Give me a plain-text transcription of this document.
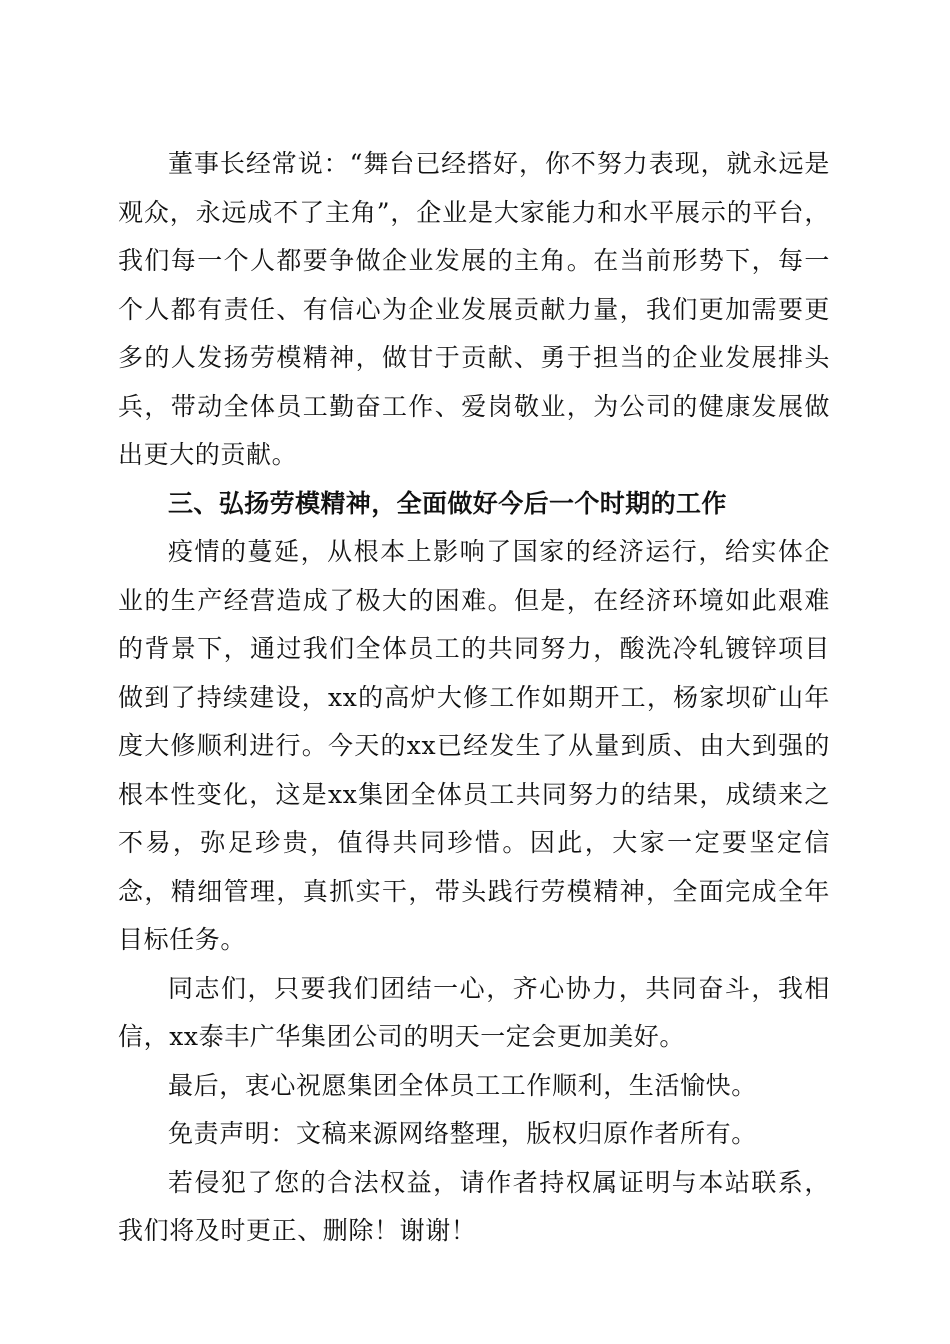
董事长经常说：“舞台已经搭好，你不努力表现，就永远是观众，永远成不了主角”，企业是大家能力和水平展示的平台，我们每一个人都要争做企业发展的主角。在当前形势下，每一个人都有责任、有信心为企业发展贡献力量，我们更加需要更多的人发扬劳模精神，做甘于贡献、勇于担当的企业发展排头兵，带动全体员工勤奋工作、爱岗敬业，为公司的健康发展做出更大的贡献。

三、弘扬劳模精神，全面做好今后一个时期的工作

疫情的蔓延，从根本上影响了国家的经济运行，给实体企业的生产经营造成了极大的困难。但是，在经济环境如此艰难的背景下，通过我们全体员工的共同努力，酸洗冷轧镀锌项目做到了持续建设，xx的高炉大修工作如期开工，杨家坝矿山年度大修顺利进行。今天的xx已经发生了从量到质、由大到强的根本性变化，这是xx集团全体员工共同努力的结果，成绩来之不易，弥足珍贵，值得共同珍惜。因此，大家一定要坚定信念，精细管理，真抓实干，带头践行劳模精神，全面完成全年目标任务。

同志们，只要我们团结一心，齐心协力，共同奋斗，我相信，xx泰丰广华集团公司的明天一定会更加美好。

最后，衷心祝愿集团全体员工工作顺利，生活愉快。

免责声明：文稿来源网络整理，版权归原作者所有。

若侵犯了您的合法权益，请作者持权属证明与本站联系，我们将及时更正、删除！谢谢！
